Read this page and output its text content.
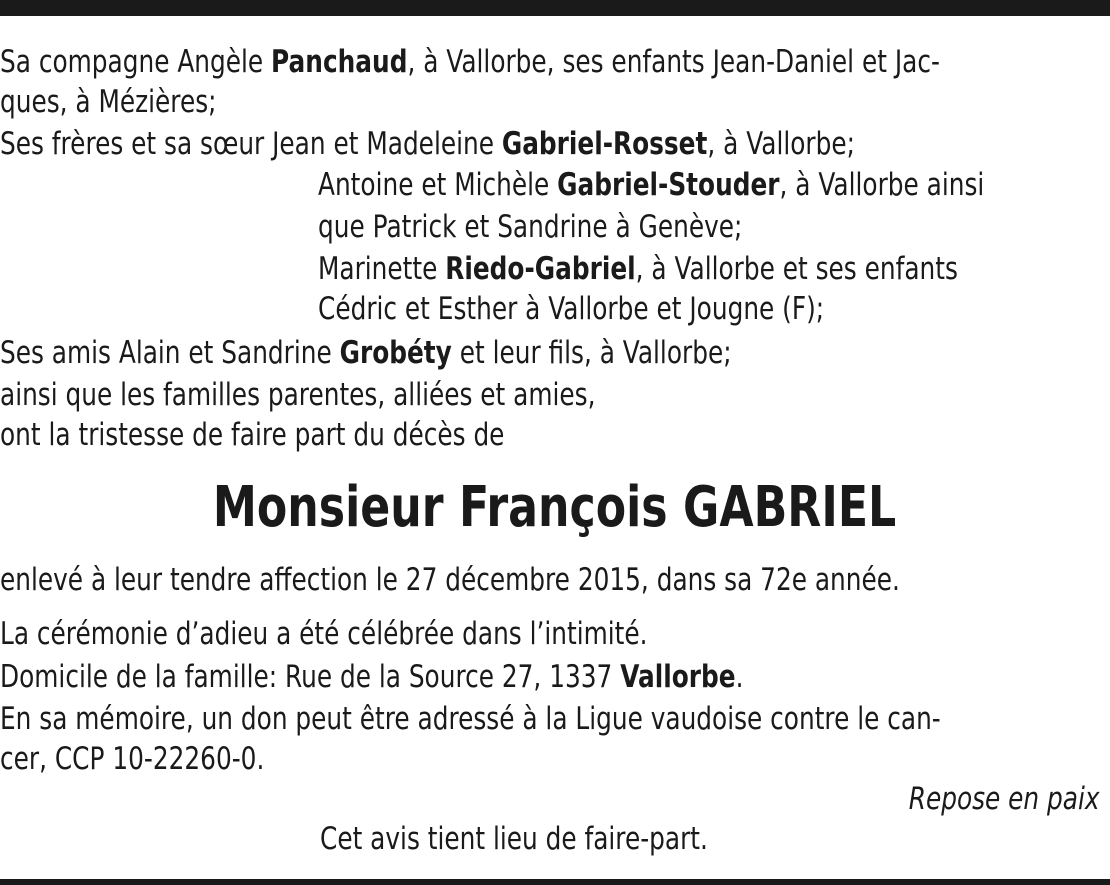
Sa compagne Angèle Panchaud, à Vallorbe, ses enfants Jean-Daniel et Jac-
ques, à Mézières;
Ses frères et sa sœur Jean et Madeleine Gabriel-Rosset, à Vallorbe;
Antoine et Michèle Gabriel-Stouder, à Vallorbe ainsi
que Patrick et Sandrine à Genève;
Marinette Riedo-Gabriel, à Vallorbe et ses enfants
Cédric et Esther à Vallorbe et Jougne (F);
Ses amis Alain et Sandrine Grobéty et leur fils, à Vallorbe;
ainsi que les familles parentes, alliées et amies,
ont la tristesse de faire part du décès de
Monsieur François GABRIEL
enlevé à leur tendre affection le 27 décembre 2015, dans sa 72e année.
La cérémonie d’adieu a été célébrée dans l’intimité.
Domicile de la famille: Rue de la Source 27, 1337 Vallorbe.
En sa mémoire, un don peut être adressé à la Ligue vaudoise contre le can-
cer, CCP 10-22260-0.
Repose en paix
Cet avis tient lieu de faire-part.
